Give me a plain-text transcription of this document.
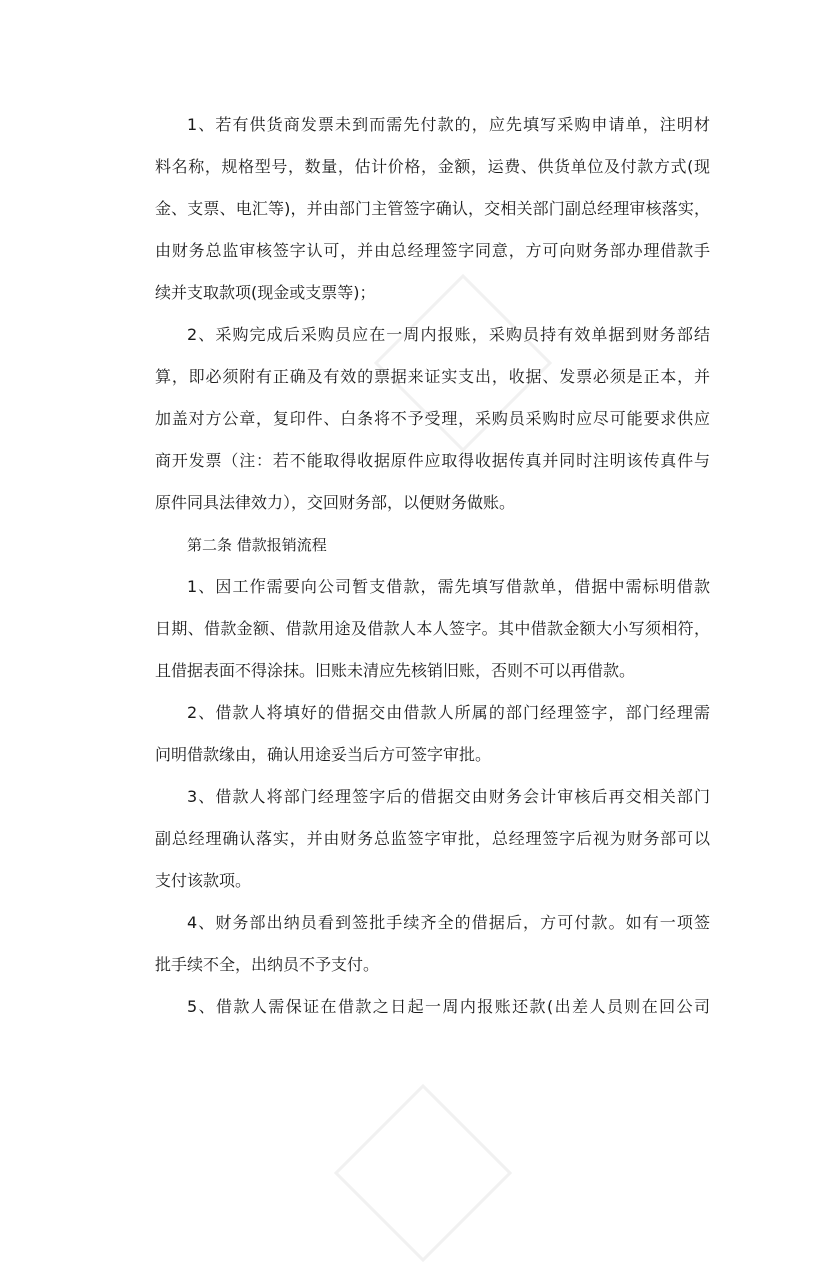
1、若有供货商发票未到而需先付款的，应先填写采购申请单，注明材
料名称，规格型号，数量，估计价格，金额，运费、供货单位及付款方式(现
金、支票、电汇等)，并由部门主管签字确认，交相关部门副总经理审核落实，
由财务总监审核签字认可，并由总经理签字同意，方可向财务部办理借款手
续并支取款项(现金或支票等)；
2、采购完成后采购员应在一周内报账，采购员持有效单据到财务部结
算，即必须附有正确及有效的票据来证实支出，收据、发票必须是正本，并
加盖对方公章，复印件、白条将不予受理，采购员采购时应尽可能要求供应
商开发票（注：若不能取得收据原件应取得收据传真并同时注明该传真件与
原件同具法律效力），交回财务部，以便财务做账。
第二条 借款报销流程
1、因工作需要向公司暂支借款，需先填写借款单，借据中需标明借款
日期、借款金额、借款用途及借款人本人签字。其中借款金额大小写须相符，
且借据表面不得涂抹。旧账未清应先核销旧账，否则不可以再借款。
2、借款人将填好的借据交由借款人所属的部门经理签字，部门经理需
问明借款缘由，确认用途妥当后方可签字审批。
3、借款人将部门经理签字后的借据交由财务会计审核后再交相关部门
副总经理确认落实，并由财务总监签字审批，总经理签字后视为财务部可以
支付该款项。
4、财务部出纳员看到签批手续齐全的借据后，方可付款。如有一项签
批手续不全，出纳员不予支付。
5、借款人需保证在借款之日起一周内报账还款(出差人员则在回公司
